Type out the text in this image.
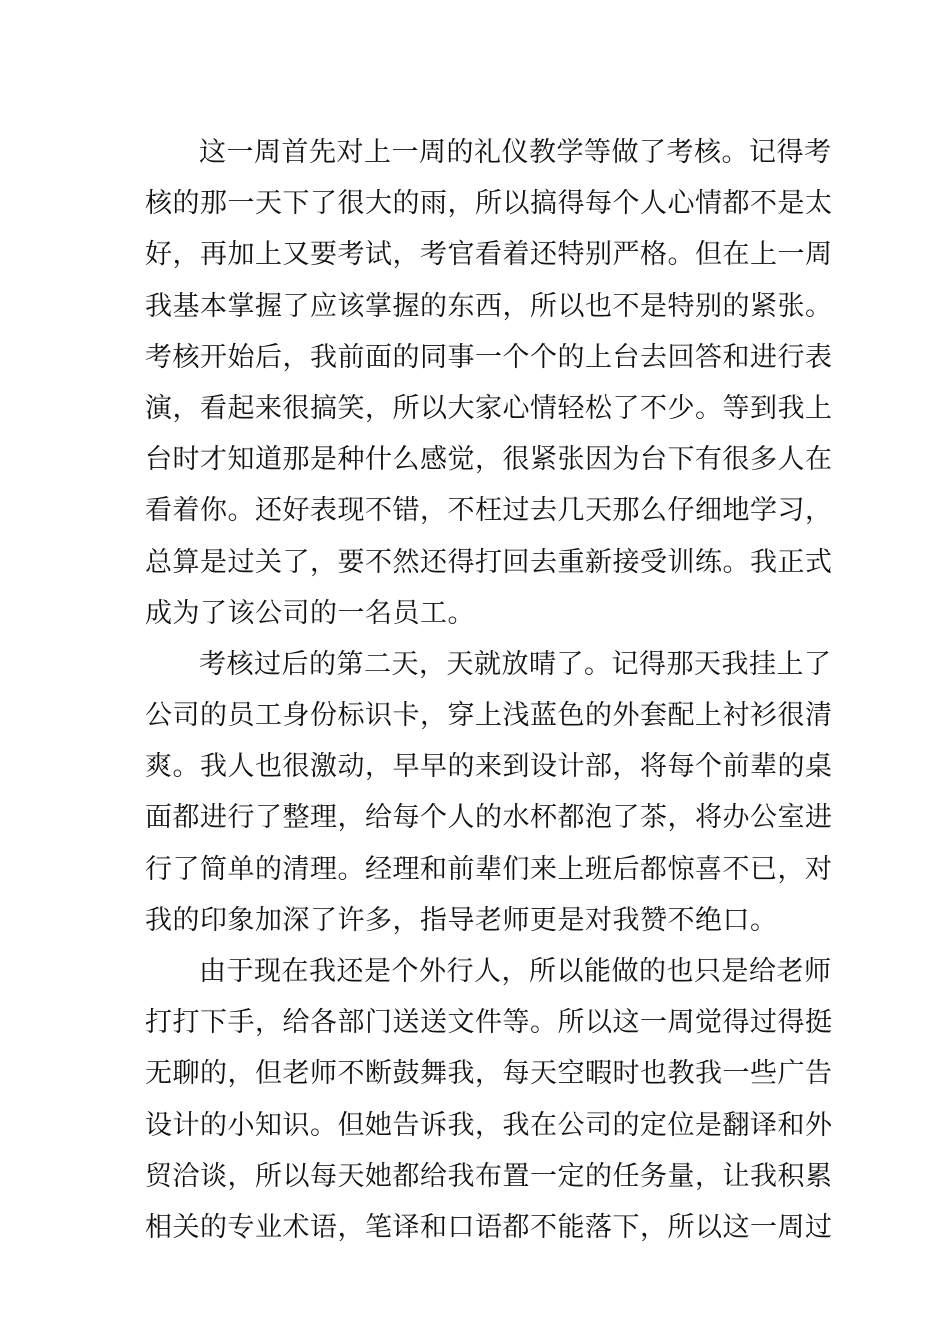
这一周首先对上一周的礼仪教学等做了考核。记得考
核的那一天下了很大的雨，所以搞得每个人心情都不是太
好，再加上又要考试，考官看着还特别严格。但在上一周
我基本掌握了应该掌握的东西，所以也不是特别的紧张。
考核开始后，我前面的同事一个个的上台去回答和进行表
演，看起来很搞笑，所以大家心情轻松了不少。等到我上
台时才知道那是种什么感觉，很紧张因为台下有很多人在
看着你。还好表现不错，不枉过去几天那么仔细地学习，
总算是过关了，要不然还得打回去重新接受训练。我正式
成为了该公司的一名员工。
考核过后的第二天，天就放晴了。记得那天我挂上了
公司的员工身份标识卡，穿上浅蓝色的外套配上衬衫很清
爽。我人也很激动，早早的来到设计部，将每个前辈的桌
面都进行了整理，给每个人的水杯都泡了茶，将办公室进
行了简单的清理。经理和前辈们来上班后都惊喜不已，对
我的印象加深了许多，指导老师更是对我赞不绝口。
由于现在我还是个外行人，所以能做的也只是给老师
打打下手，给各部门送送文件等。所以这一周觉得过得挺
无聊的，但老师不断鼓舞我，每天空暇时也教我一些广告
设计的小知识。但她告诉我，我在公司的定位是翻译和外
贸洽谈，所以每天她都给我布置一定的任务量，让我积累
相关的专业术语，笔译和口语都不能落下，所以这一周过
